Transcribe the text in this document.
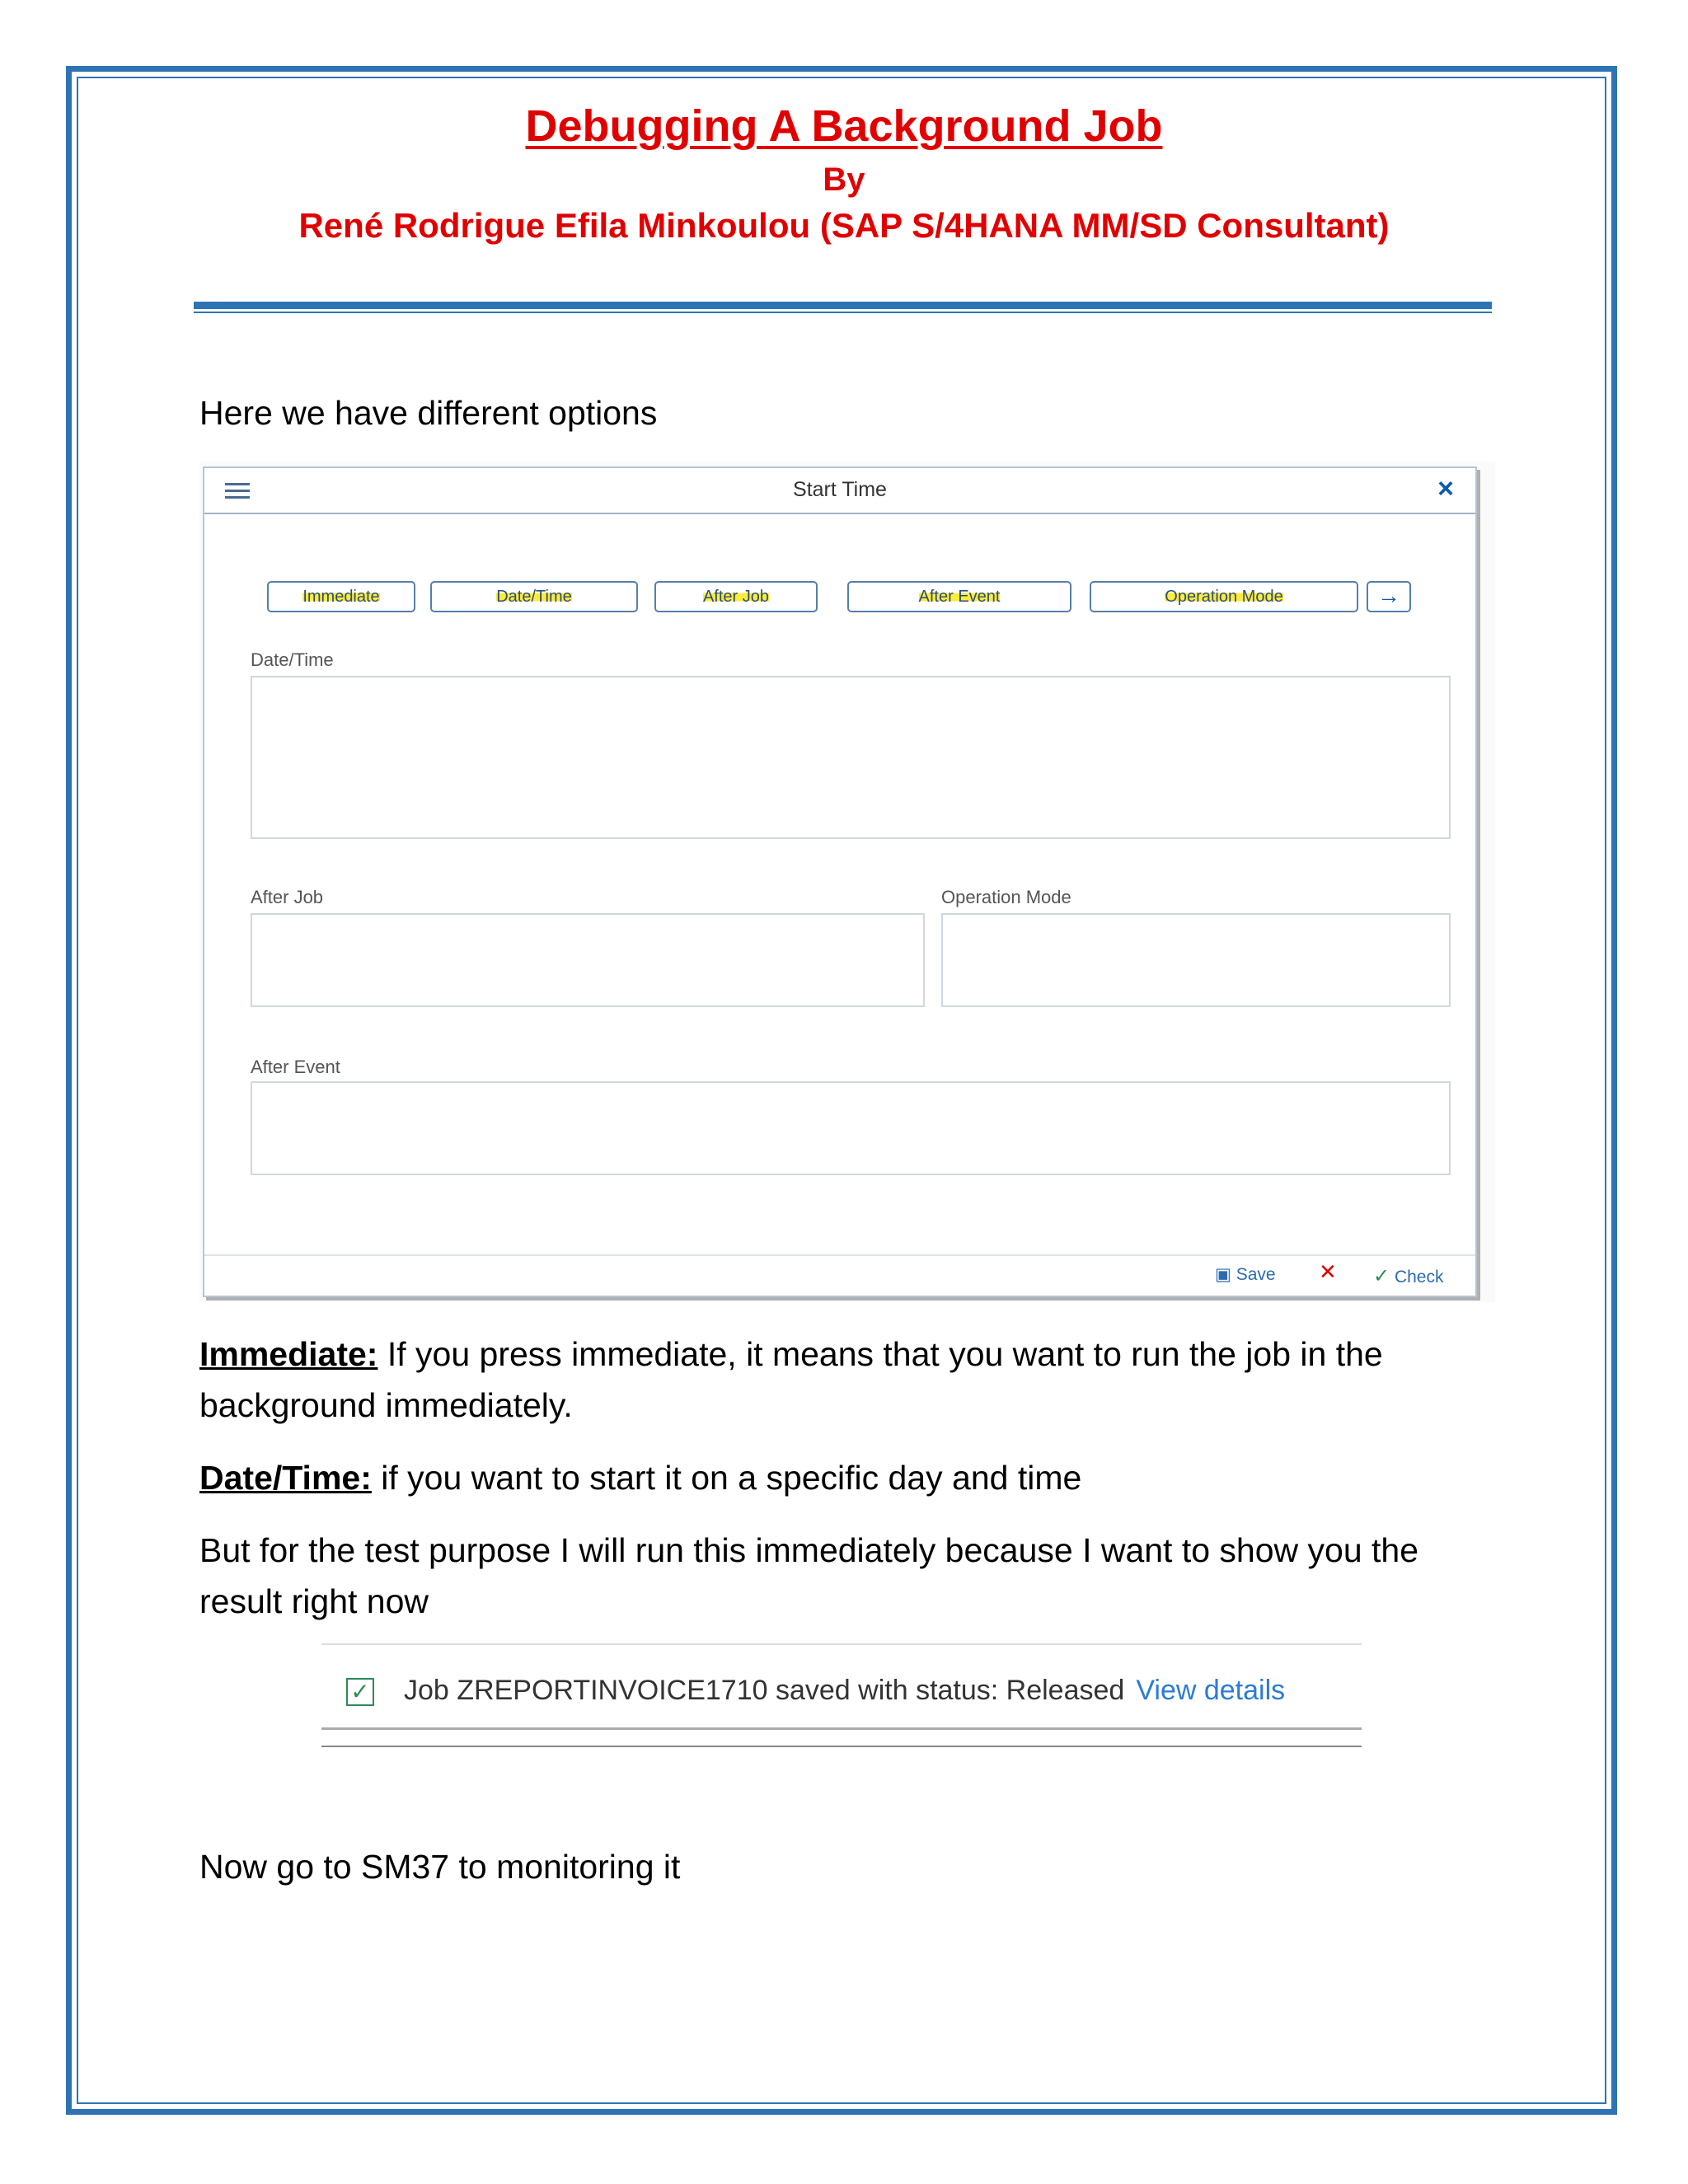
Debugging A Background Job
By
René Rodrigue Efila Minkoulou (SAP S/4HANA MM/SD Consultant)
Here we have different options
Start Time	×
Immediate	Date/Time	After Job	After Event	Operation Mode	→
Date/Time
After Job	Operation Mode
After Event
▣ Save ✕ ✓ Check
Immediate: If you press immediate, it means that you want to run the job in the background immediately.
Date/Time: if you want to start it on a specific day and time
But for the test purpose I will run this immediately because I want to show you the result right now
✓ Job ZREPORTINVOICE1710 saved with status: Released View details
Now go to SM37 to monitoring it
